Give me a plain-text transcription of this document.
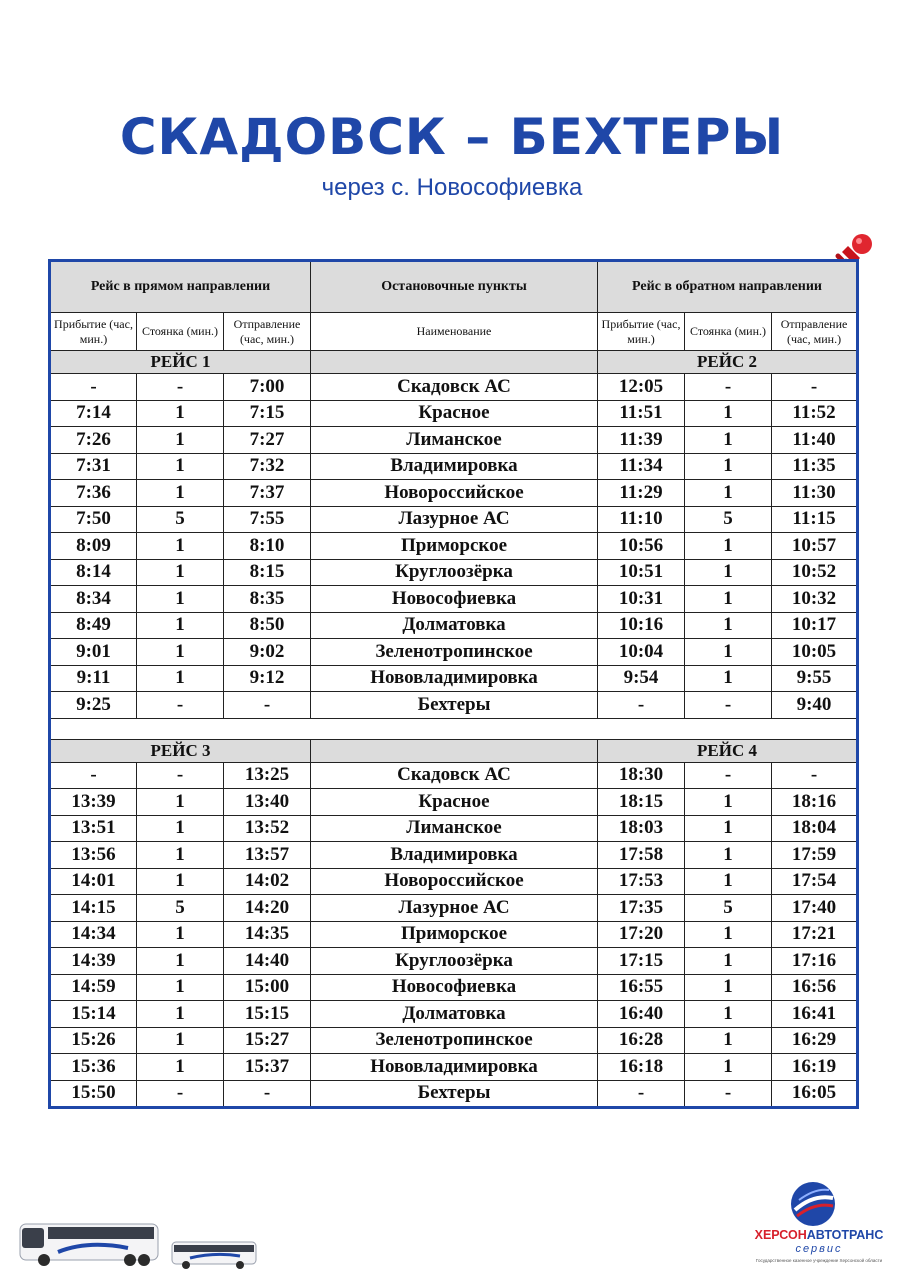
СКАДОВСК – БЕХТЕРЫ
через с. Новософиевка
Рейс в прямом направлении			Остановочные пункты	Рейс в обратном направлении		
Прибытие (час, мин.)	Стоянка (мин.)	Отправление (час, мин.)	Наименование	Прибытие (час, мин.)	Стоянка (мин.)	Отправление (час, мин.)
РЕЙС 1				РЕЙС 2		
-	-	7:00	Скадовск АС	12:05	-	-
7:14	1	7:15	Красное	11:51	1	11:52
7:26	1	7:27	Лиманское	11:39	1	11:40
7:31	1	7:32	Владимировка	11:34	1	11:35
7:36	1	7:37	Новороссийское	11:29	1	11:30
7:50	5	7:55	Лазурное АС	11:10	5	11:15
8:09	1	8:10	Приморское	10:56	1	10:57
8:14	1	8:15	Круглоозёрка	10:51	1	10:52
8:34	1	8:35	Новософиевка	10:31	1	10:32
8:49	1	8:50	Долматовка	10:16	1	10:17
9:01	1	9:02	Зеленотропинское	10:04	1	10:05
9:11	1	9:12	Нововладимировка	9:54	1	9:55
9:25	-	-	Бехтеры	-	-	9:40

РЕЙС 3				РЕЙС 4		
-	-	13:25	Скадовск АС	18:30	-	-
13:39	1	13:40	Красное	18:15	1	18:16
13:51	1	13:52	Лиманское	18:03	1	18:04
13:56	1	13:57	Владимировка	17:58	1	17:59
14:01	1	14:02	Новороссийское	17:53	1	17:54
14:15	5	14:20	Лазурное АС	17:35	5	17:40
14:34	1	14:35	Приморское	17:20	1	17:21
14:39	1	14:40	Круглоозёрка	17:15	1	17:16
14:59	1	15:00	Новософиевка	16:55	1	16:56
15:14	1	15:15	Долматовка	16:40	1	16:41
15:26	1	15:27	Зеленотропинское	16:28	1	16:29
15:36	1	15:37	Нововладимировка	16:18	1	16:19
15:50	-	-	Бехтеры	-	-	16:05
ХЕРСОНАВТОТРАНС
сервис
Государственное казенное учреждение Херсонской области
